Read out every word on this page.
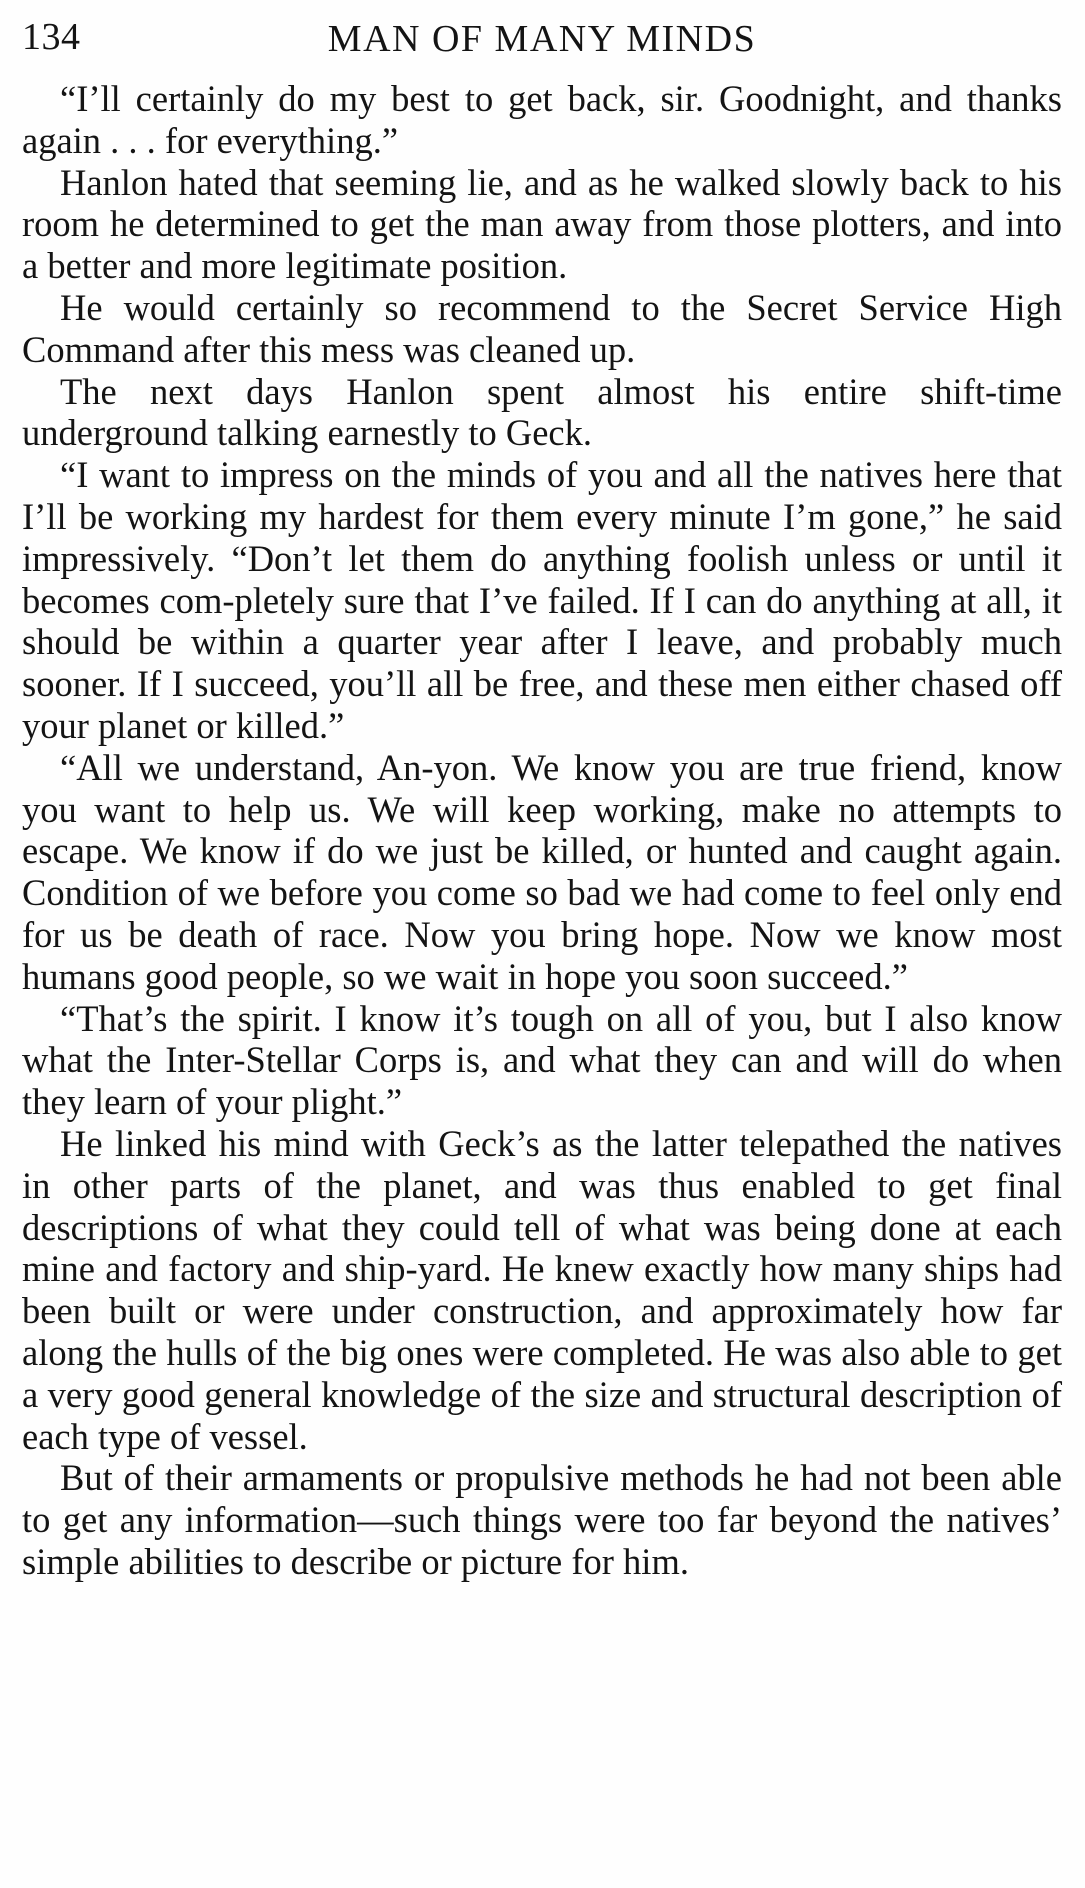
134	MAN OF MANY MINDS

“I’ll certainly do my best to get back, sir. Goodnight, and thanks again . . . for everything.”

Hanlon hated that seeming lie, and as he walked slowly back to his room he determined to get the man away from those plotters, and into a better and more legitimate position.

He would certainly so recommend to the Secret Service High Command after this mess was cleaned up.

The next days Hanlon spent almost his entire shift-time underground talking earnestly to Geck.

“I want to impress on the minds of you and all the natives here that I’ll be working my hardest for them every minute I’m gone,” he said impressively. “Don’t let them do anything foolish unless or until it becomes com-pletely sure that I’ve failed. If I can do anything at all, it should be within a quarter year after I leave, and probably much sooner. If I succeed, you’ll all be free, and these men either chased off your planet or killed.”

“All we understand, An-yon. We know you are true friend, know you want to help us. We will keep working, make no attempts to escape. We know if do we just be killed, or hunted and caught again. Condition of we before you come so bad we had come to feel only end for us be death of race. Now you bring hope. Now we know most humans good people, so we wait in hope you soon succeed.”

“That’s the spirit. I know it’s tough on all of you, but I also know what the Inter-Stellar Corps is, and what they can and will do when they learn of your plight.”

He linked his mind with Geck’s as the latter telepathed the natives in other parts of the planet, and was thus enabled to get final descriptions of what they could tell of what was being done at each mine and factory and ship-yard. He knew exactly how many ships had been built or were under construction, and approximately how far along the hulls of the big ones were completed. He was also able to get a very good general knowledge of the size and structural description of each type of vessel.

But of their armaments or propulsive methods he had not been able to get any information—such things were too far beyond the natives’ simple abilities to describe or picture for him.
